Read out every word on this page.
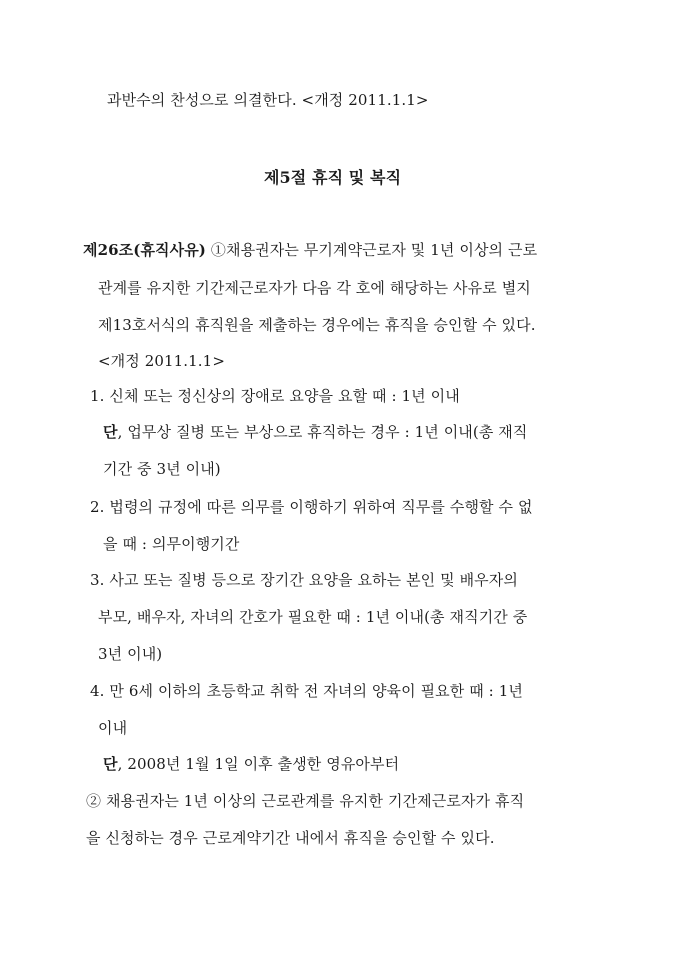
과반수의 찬성으로 의결한다. <개정 2011.1.1>
제5절 휴직 및 복직
제26조(휴직사유) ①채용권자는 무기계약근로자 및 1년 이상의 근로
관계를 유지한 기간제근로자가 다음 각 호에 해당하는 사유로 별지
제13호서식의 휴직원을 제출하는 경우에는 휴직을 승인할 수 있다.
<개정 2011.1.1>
1. 신체 또는 정신상의 장애로 요양을 요할 때 : 1년 이내
단, 업무상 질병 또는 부상으로 휴직하는 경우 : 1년 이내(총 재직
기간 중 3년 이내)
2. 법령의 규정에 따른 의무를 이행하기 위하여 직무를 수행할 수 없
을 때 : 의무이행기간
3. 사고 또는 질병 등으로 장기간 요양을 요하는 본인 및 배우자의
부모, 배우자, 자녀의 간호가 필요한 때 : 1년 이내(총 재직기간 중
3년 이내)
4. 만 6세 이하의 초등학교 취학 전 자녀의 양육이 필요한 때 : 1년
이내
단, 2008년 1월 1일 이후 출생한 영유아부터
② 채용권자는 1년 이상의 근로관계를 유지한 기간제근로자가 휴직
을 신청하는 경우 근로계약기간 내에서 휴직을 승인할 수 있다.
